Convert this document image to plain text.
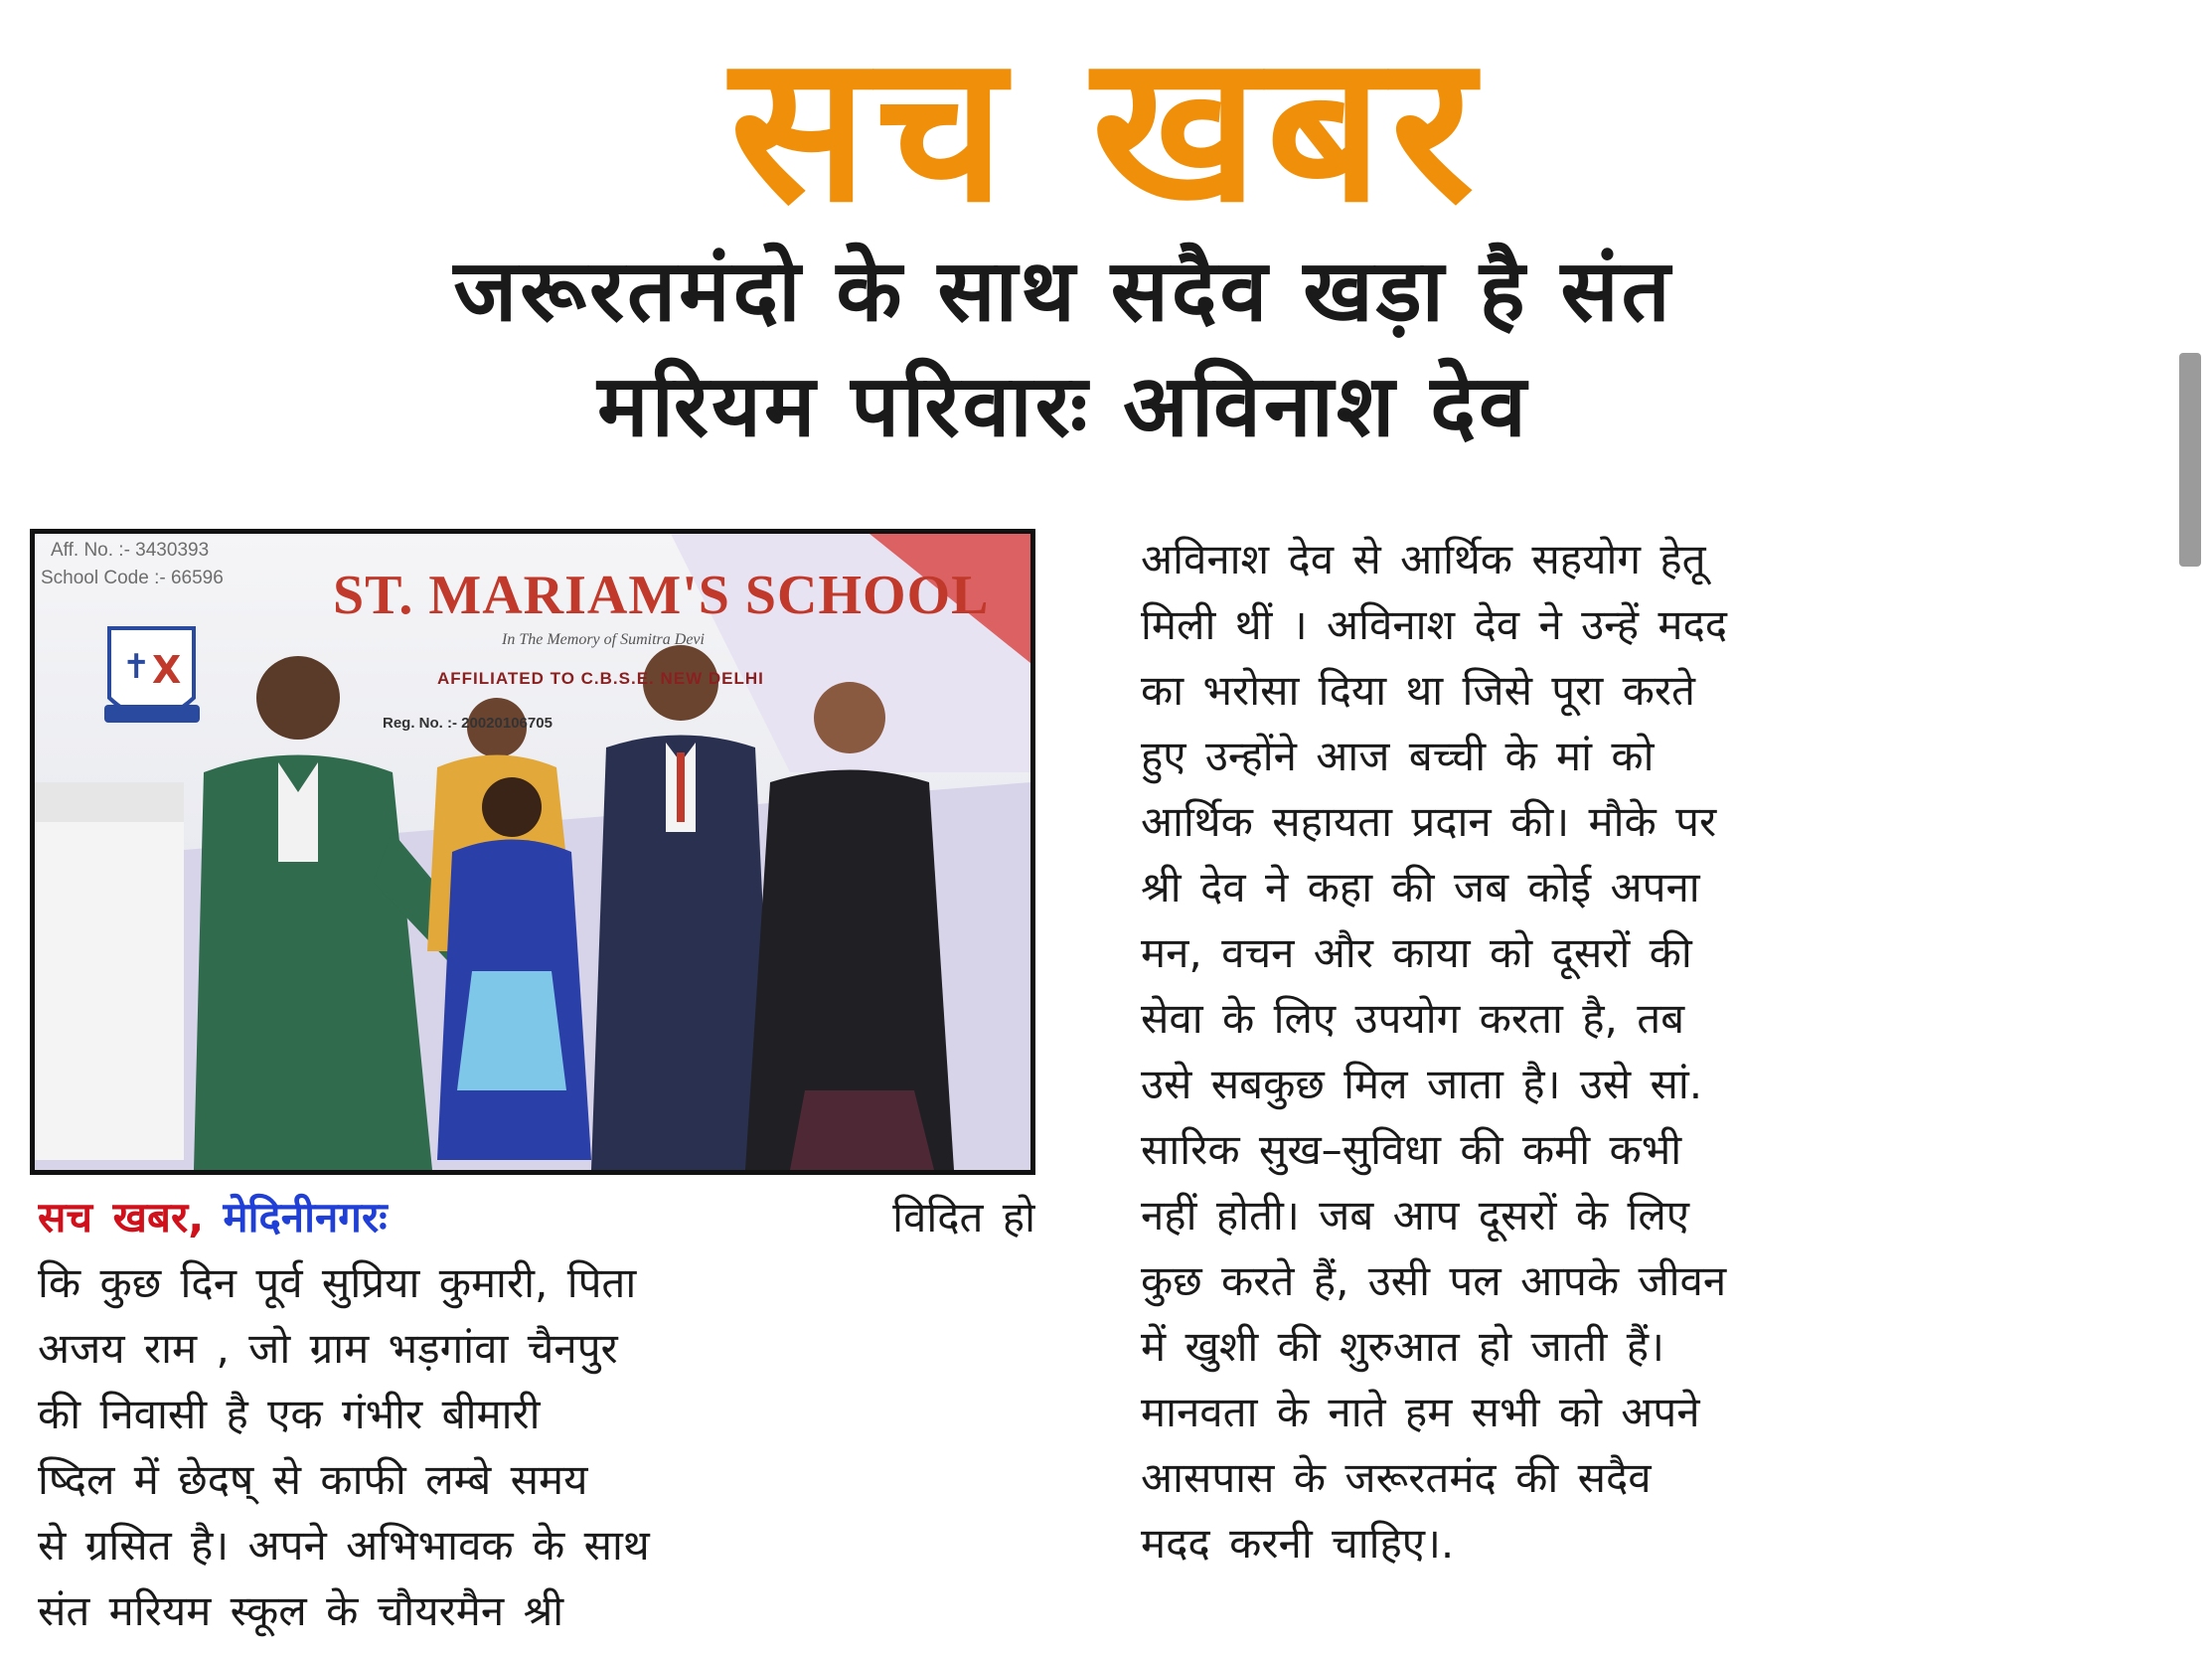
सच खबर
जरूरतमंदो के साथ सदैव खड़ा है संत
मरियम परिवारः अविनाश देव
✝ X
Aff. No. :- 3430393
School Code :- 66596 ST. MARIAM'S SCHOOL
In The Memory of Sumitra Devi
AFFILIATED TO C.B.S.E. NEW DELHI
Reg. No. :- 20020106705
सच खबर, मेदिनीनगरः	विदित हो
कि कुछ दिन पूर्व सुप्रिया कुमारी, पिता
अजय राम , जो ग्राम भड़गांवा चैनपुर
की निवासी है एक गंभीर बीमारी
ष्दिल में छेदष् से काफी लम्बे समय
से ग्रसित है। अपने अभिभावक के साथ
संत मरियम स्कूल के चौयरमैन श्री
अविनाश देव से आर्थिक सहयोग हेतू
मिली थीं । अविनाश देव ने उन्हें मदद
का भरोसा दिया था जिसे पूरा करते
हुए उन्होंने आज बच्ची के मां को
आर्थिक सहायता प्रदान की। मौके पर
श्री देव ने कहा की जब कोई अपना
मन, वचन और काया को दूसरों की
सेवा के लिए उपयोग करता है, तब
उसे सबकुछ मिल जाता है। उसे सां.
सारिक सुख–सुविधा की कमी कभी
नहीं होती। जब आप दूसरों के लिए
कुछ करते हैं, उसी पल आपके जीवन
में खुशी की शुरुआत हो जाती हैं।
मानवता के नाते हम सभी को अपने
आसपास के जरूरतमंद की सदैव
मदद करनी चाहिए।.
